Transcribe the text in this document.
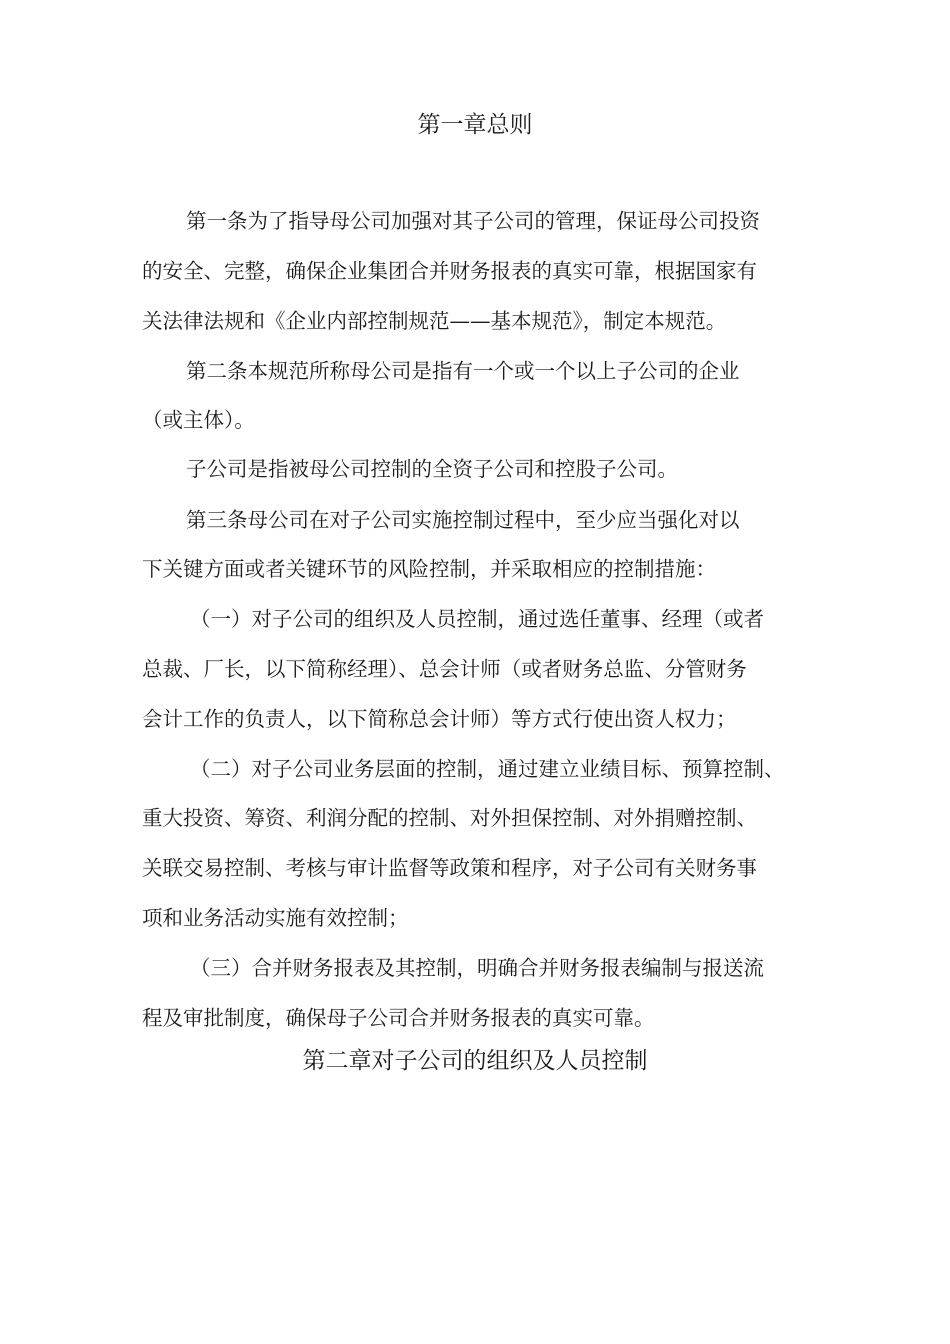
第一章总则
第一条为了指导母公司加强对其子公司的管理，保证母公司投资
的安全、完整，确保企业集团合并财务报表的真实可靠，根据国家有
关法律法规和《企业内部控制规范——基本规范》，制定本规范。
第二条本规范所称母公司是指有一个或一个以上子公司的企业
（或主体）。
子公司是指被母公司控制的全资子公司和控股子公司。
第三条母公司在对子公司实施控制过程中，至少应当强化对以
下关键方面或者关键环节的风险控制，并采取相应的控制措施：
（一）对子公司的组织及人员控制，通过选任董事、经理（或者
总裁、厂长，以下简称经理）、总会计师（或者财务总监、分管财务
会计工作的负责人，以下简称总会计师）等方式行使出资人权力；
（二）对子公司业务层面的控制，通过建立业绩目标、预算控制、
重大投资、筹资、利润分配的控制、对外担保控制、对外捐赠控制、
关联交易控制、考核与审计监督等政策和程序，对子公司有关财务事
项和业务活动实施有效控制；
（三）合并财务报表及其控制，明确合并财务报表编制与报送流
程及审批制度，确保母子公司合并财务报表的真实可靠。
第二章对子公司的组织及人员控制
